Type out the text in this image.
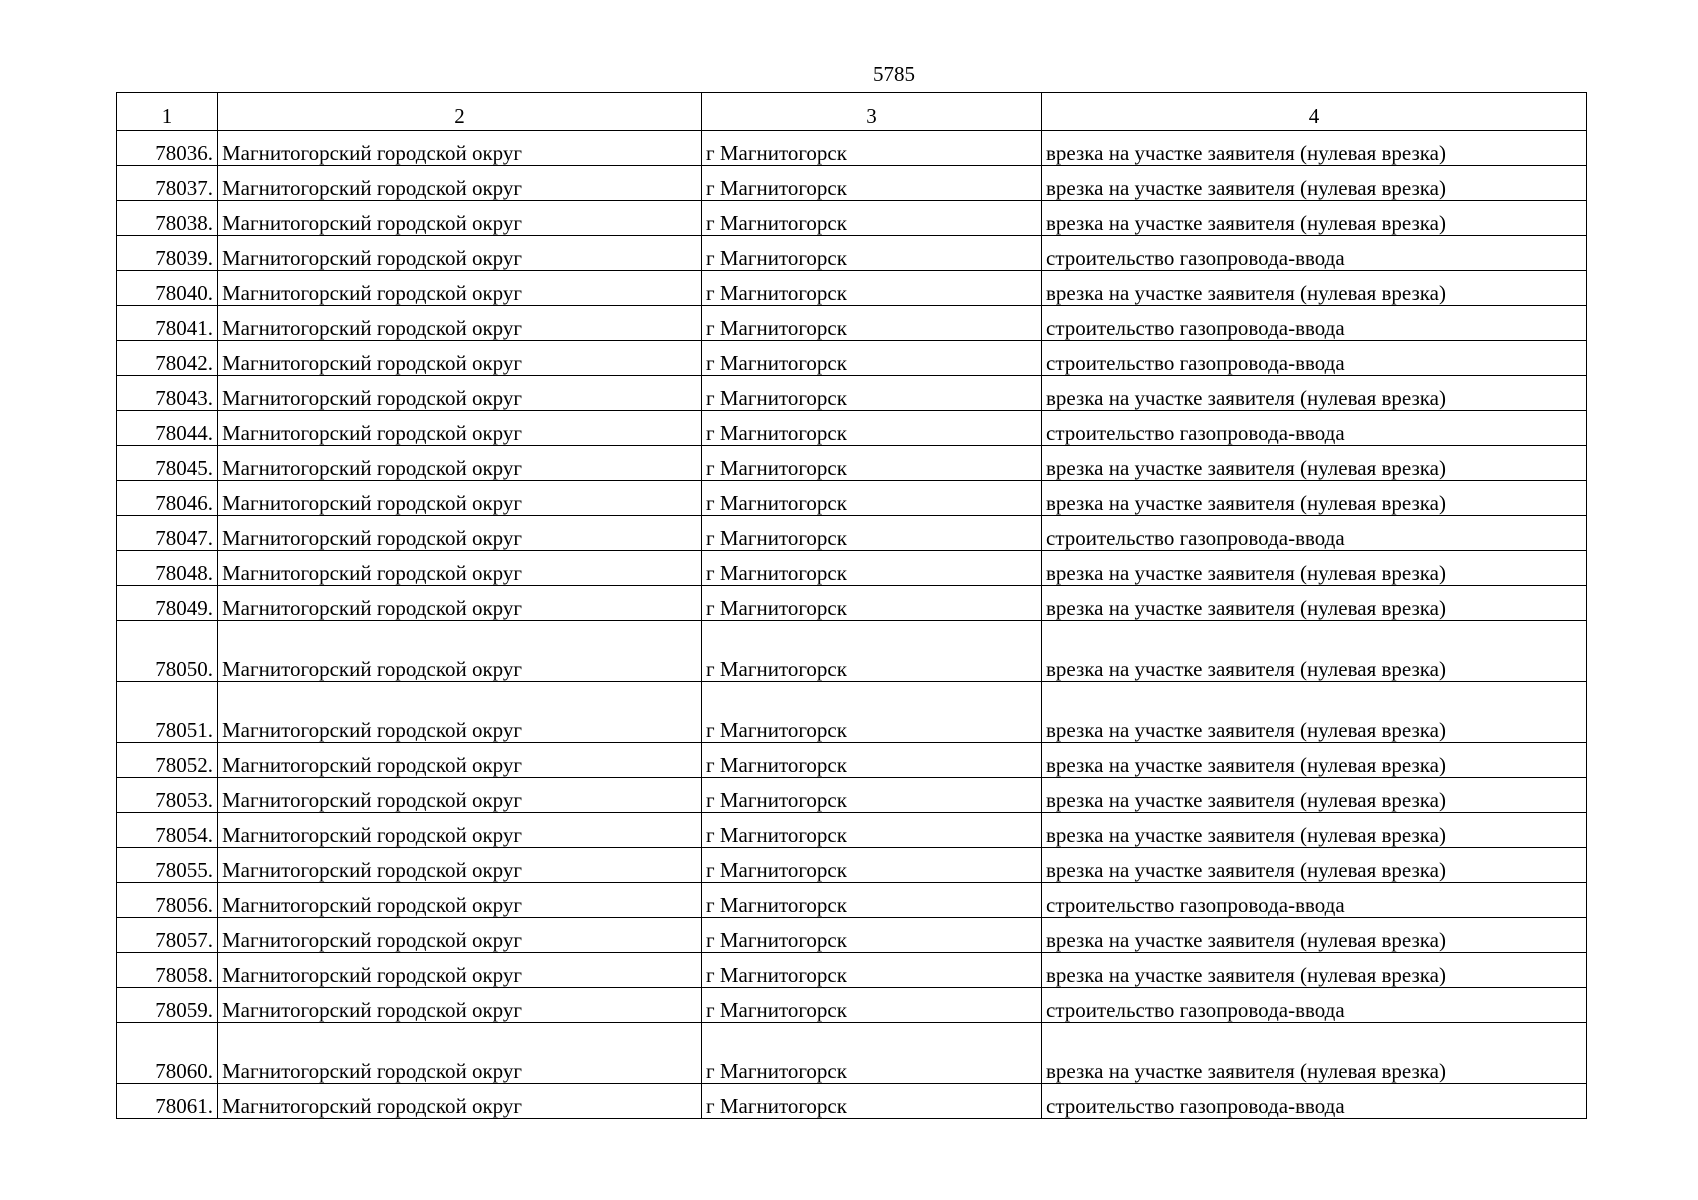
5785
1	2	3	4
78036.	Магнитогорский городской округ	г Магнитогорск	врезка на участке заявителя (нулевая врезка)
78037.	Магнитогорский городской округ	г Магнитогорск	врезка на участке заявителя (нулевая врезка)
78038.	Магнитогорский городской округ	г Магнитогорск	врезка на участке заявителя (нулевая врезка)
78039.	Магнитогорский городской округ	г Магнитогорск	строительство газопровода-ввода
78040.	Магнитогорский городской округ	г Магнитогорск	врезка на участке заявителя (нулевая врезка)
78041.	Магнитогорский городской округ	г Магнитогорск	строительство газопровода-ввода
78042.	Магнитогорский городской округ	г Магнитогорск	строительство газопровода-ввода
78043.	Магнитогорский городской округ	г Магнитогорск	врезка на участке заявителя (нулевая врезка)
78044.	Магнитогорский городской округ	г Магнитогорск	строительство газопровода-ввода
78045.	Магнитогорский городской округ	г Магнитогорск	врезка на участке заявителя (нулевая врезка)
78046.	Магнитогорский городской округ	г Магнитогорск	врезка на участке заявителя (нулевая врезка)
78047.	Магнитогорский городской округ	г Магнитогорск	строительство газопровода-ввода
78048.	Магнитогорский городской округ	г Магнитогорск	врезка на участке заявителя (нулевая врезка)
78049.	Магнитогорский городской округ	г Магнитогорск	врезка на участке заявителя (нулевая врезка)
78050.	Магнитогорский городской округ	г Магнитогорск	врезка на участке заявителя (нулевая врезка)
78051.	Магнитогорский городской округ	г Магнитогорск	врезка на участке заявителя (нулевая врезка)
78052.	Магнитогорский городской округ	г Магнитогорск	врезка на участке заявителя (нулевая врезка)
78053.	Магнитогорский городской округ	г Магнитогорск	врезка на участке заявителя (нулевая врезка)
78054.	Магнитогорский городской округ	г Магнитогорск	врезка на участке заявителя (нулевая врезка)
78055.	Магнитогорский городской округ	г Магнитогорск	врезка на участке заявителя (нулевая врезка)
78056.	Магнитогорский городской округ	г Магнитогорск	строительство газопровода-ввода
78057.	Магнитогорский городской округ	г Магнитогорск	врезка на участке заявителя (нулевая врезка)
78058.	Магнитогорский городской округ	г Магнитогорск	врезка на участке заявителя (нулевая врезка)
78059.	Магнитогорский городской округ	г Магнитогорск	строительство газопровода-ввода
78060.	Магнитогорский городской округ	г Магнитогорск	врезка на участке заявителя (нулевая врезка)
78061.	Магнитогорский городской округ	г Магнитогорск	строительство газопровода-ввода
